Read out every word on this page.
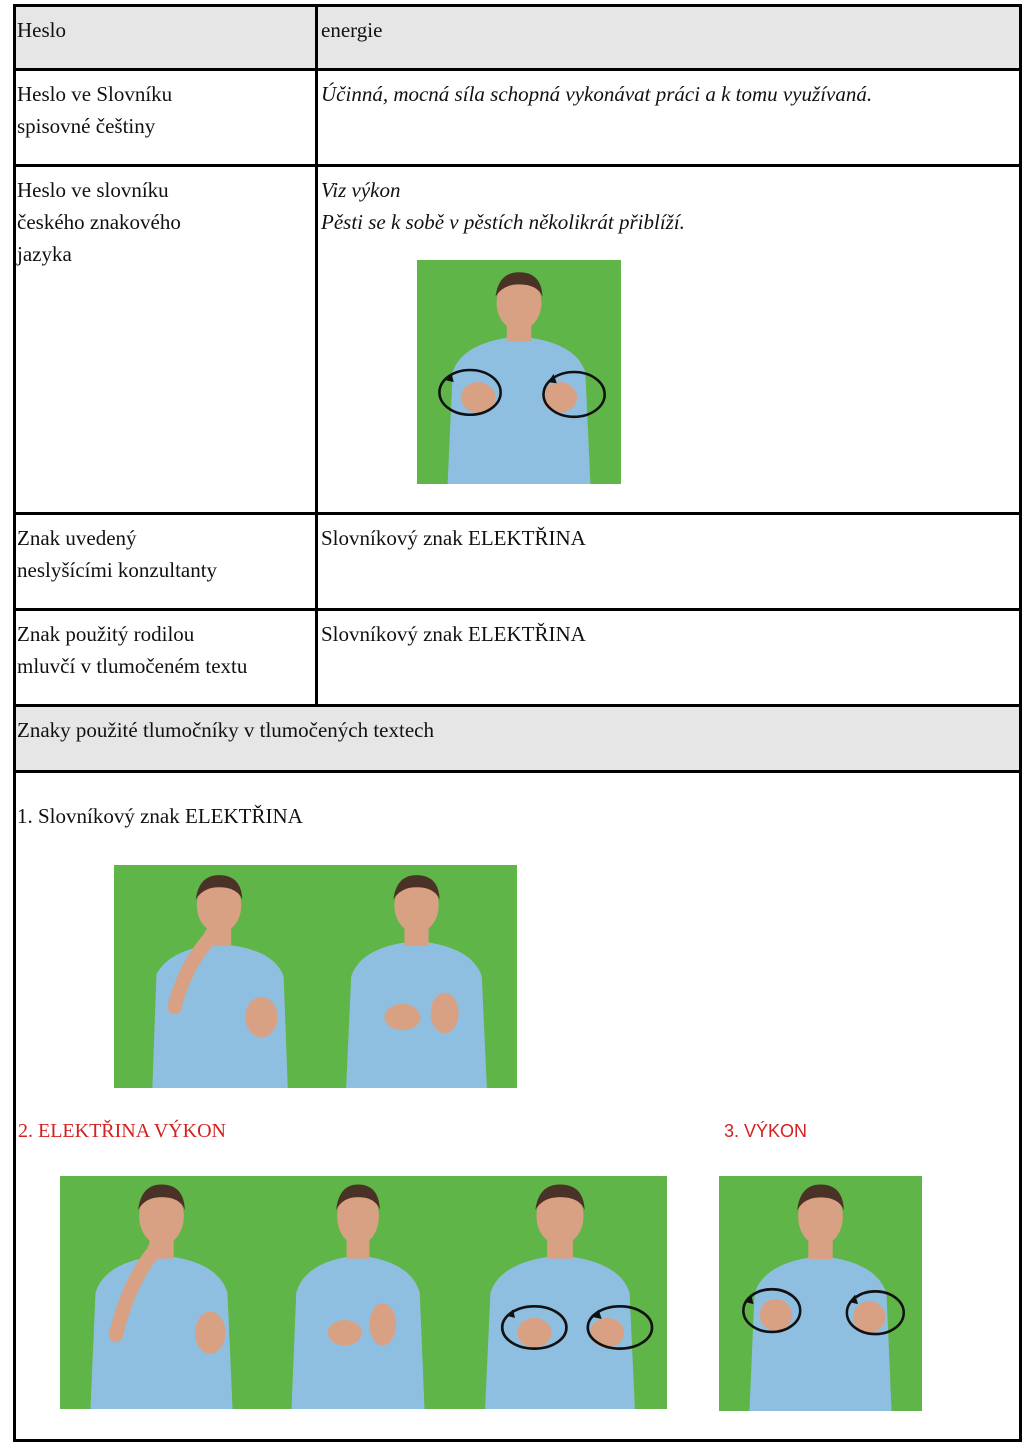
Heslo	energie
Heslo ve Slovníku
spisovné češtiny
Účinná, mocná síla schopná vykonávat práci a k tomu využívaná.
Heslo ve slovníku
českého znakového
jazyka
Viz výkon
Pěsti se k sobě v pěstích několikrát přiblíží.
Znak uvedený
neslyšícími konzultanty
Slovníkový znak ELEKTŘINA
Znak použitý rodilou
mluvčí v tlumočeném textu
Slovníkový znak ELEKTŘINA
Znaky použité tlumočníky v tlumočených textech
1. Slovníkový znak ELEKTŘINA
2. ELEKTŘINA VÝKON	3. VÝKON
